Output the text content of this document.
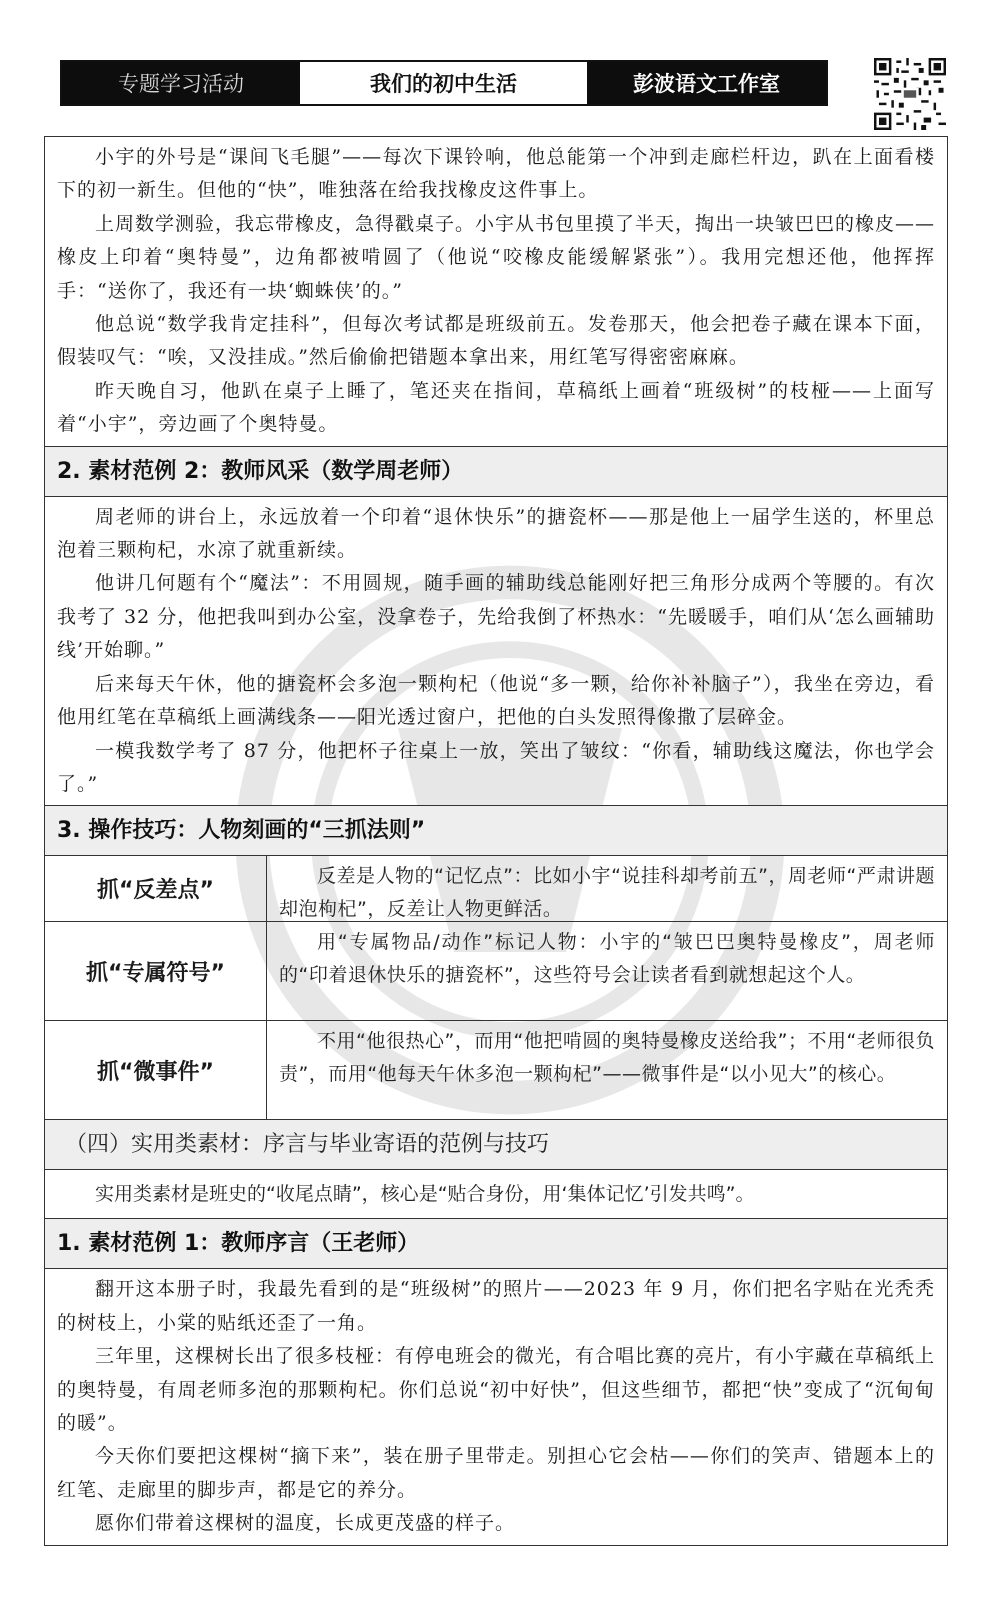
专题学习活动	我们的初中生活	彭波语文工作室

小宇的外号是“课间飞毛腿”——每次下课铃响，他总能第一个冲到走廊栏杆边，趴在上面看楼下的初一新生。但他的“快”，唯独落在给我找橡皮这件事上。

上周数学测验，我忘带橡皮，急得戳桌子。小宇从书包里摸了半天，掏出一块皱巴巴的橡皮——橡皮上印着“奥特曼”，边角都被啃圆了（他说“咬橡皮能缓解紧张”）。我用完想还他，他挥挥手：“送你了，我还有一块‘蜘蛛侠’的。”

他总说“数学我肯定挂科”，但每次考试都是班级前五。发卷那天，他会把卷子藏在课本下面，假装叹气：“唉，又没挂成。”然后偷偷把错题本拿出来，用红笔写得密密麻麻。

昨天晚自习，他趴在桌子上睡了，笔还夹在指间，草稿纸上画着“班级树”的枝桠——上面写着“小宇”，旁边画了个奥特曼。

2. 素材范例 2：教师风采（数学周老师）

周老师的讲台上，永远放着一个印着“退休快乐”的搪瓷杯——那是他上一届学生送的，杯里总泡着三颗枸杞，水凉了就重新续。

他讲几何题有个“魔法”：不用圆规，随手画的辅助线总能刚好把三角形分成两个等腰的。有次我考了 32 分，他把我叫到办公室，没拿卷子，先给我倒了杯热水：“先暖暖手，咱们从‘怎么画辅助线’开始聊。”

后来每天午休，他的搪瓷杯会多泡一颗枸杞（他说“多一颗，给你补补脑子”），我坐在旁边，看他用红笔在草稿纸上画满线条——阳光透过窗户，把他的白头发照得像撒了层碎金。

一模我数学考了 87 分，他把杯子往桌上一放，笑出了皱纹：“你看，辅助线这魔法，你也学会了。”

3. 操作技巧：人物刻画的“三抓法则”
抓“反差点”

反差是人物的“记忆点”：比如小宇“说挂科却考前五”，周老师“严肃讲题却泡枸杞”，反差让人物更鲜活。

抓“专属符号”

用“专属物品/动作”标记人物：小宇的“皱巴巴奥特曼橡皮”，周老师的“印着退休快乐的搪瓷杯”，这些符号会让读者看到就想起这个人。

抓“微事件”

不用“他很热心”，而用“他把啃圆的奥特曼橡皮送给我”；不用“老师很负责”，而用“他每天午休多泡一颗枸杞”——微事件是“以小见大”的核心。

（四）实用类素材：序言与毕业寄语的范例与技巧
实用类素材是班史的“收尾点睛”，核心是“贴合身份，用‘集体记忆’引发共鸣”。
1. 素材范例 1：教师序言（王老师）

翻开这本册子时，我最先看到的是“班级树”的照片——2023 年 9 月，你们把名字贴在光秃秃的树枝上，小棠的贴纸还歪了一角。

三年里，这棵树长出了很多枝桠：有停电班会的微光，有合唱比赛的亮片，有小宇藏在草稿纸上的奥特曼，有周老师多泡的那颗枸杞。你们总说“初中好快”，但这些细节，都把“快”变成了“沉甸甸的暖”。

今天你们要把这棵树“摘下来”，装在册子里带走。别担心它会枯——你们的笑声、错题本上的红笔、走廊里的脚步声，都是它的养分。

愿你们带着这棵树的温度，长成更茂盛的样子。
